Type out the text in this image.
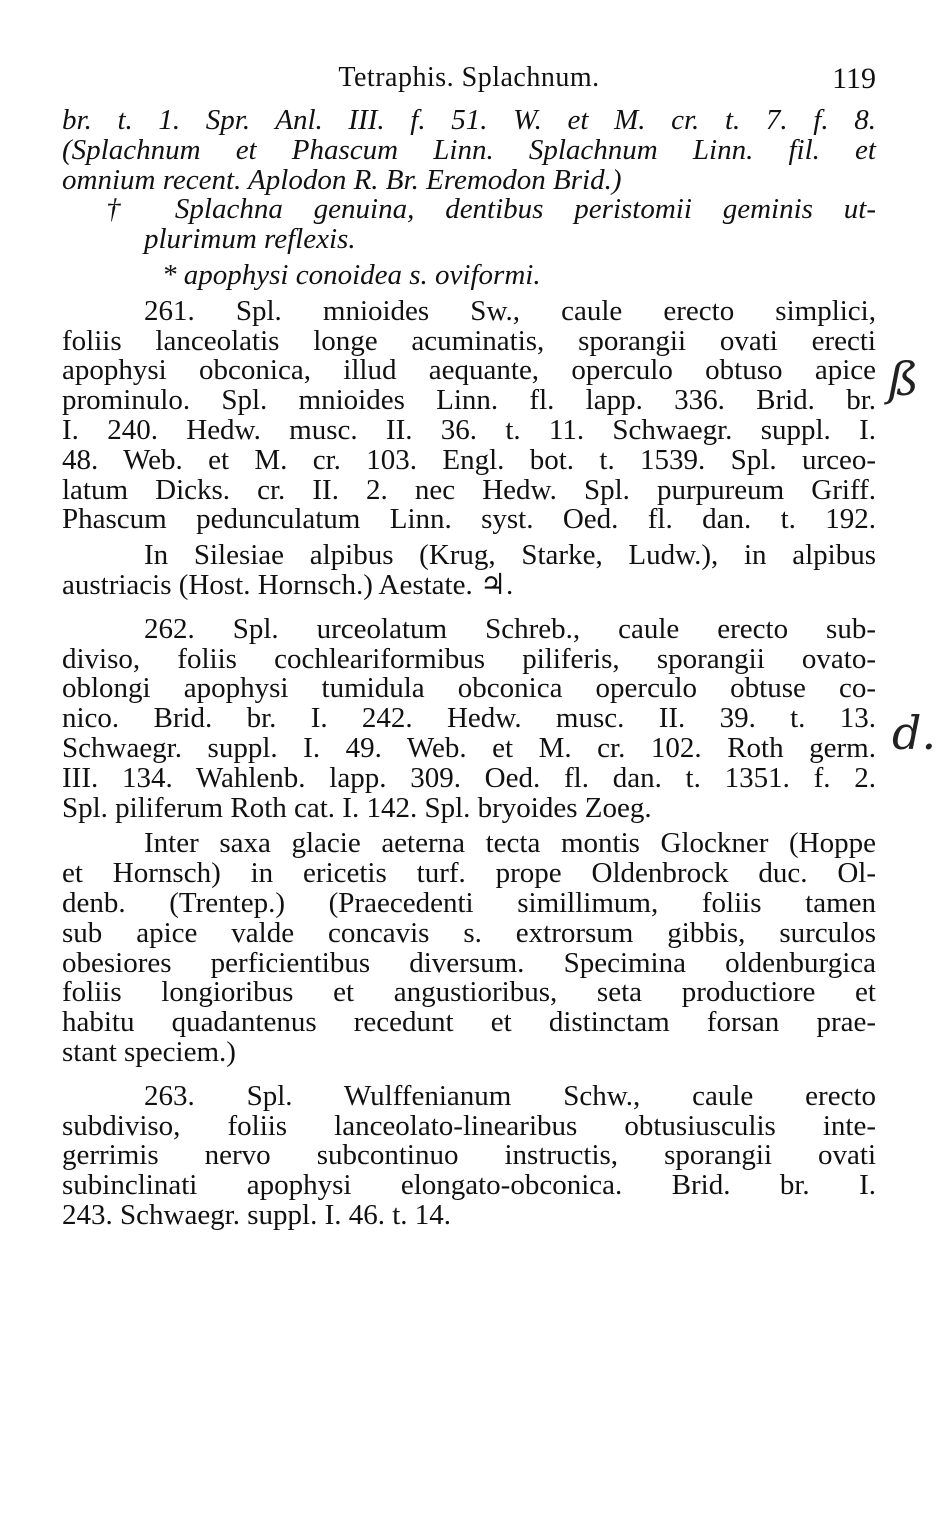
Tetraphis. Splachnum.	119
br. t. 1. Spr. Anl. III. f. 51. W. et M. cr. t. 7. f. 8.
(Splachnum et Phascum Linn. Splachnum Linn. fil. et
omnium recent. Aplodon R. Br. Eremodon Brid.)
† Splachna genuina, dentibus peristomii geminis ut-
plurimum reflexis.
* apophysi conoidea s. oviformi.
261. Spl. mnioides Sw., caule erecto simplici,
foliis lanceolatis longe acuminatis, sporangii ovati erecti
apophysi obconica, illud aequante, operculo obtuso apice
prominulo. Spl. mnioides Linn. fl. lapp. 336. Brid. br.
I. 240. Hedw. musc. II. 36. t. 11. Schwaegr. suppl. I.
48. Web. et M. cr. 103. Engl. bot. t. 1539. Spl. urceo-
latum Dicks. cr. II. 2. nec Hedw. Spl. purpureum Griff.
Phascum pedunculatum Linn. syst. Oed. fl. dan. t. 192.
In Silesiae alpibus (Krug, Starke, Ludw.), in alpibus
austriacis (Host. Hornsch.) Aestate. ♃.
262. Spl. urceolatum Schreb., caule erecto sub-
diviso, foliis cochleariformibus piliferis, sporangii ovato-
oblongi apophysi tumidula obconica operculo obtuse co-
nico. Brid. br. I. 242. Hedw. musc. II. 39. t. 13.
Schwaegr. suppl. I. 49. Web. et M. cr. 102. Roth germ.
III. 134. Wahlenb. lapp. 309. Oed. fl. dan. t. 1351. f. 2.
Spl. piliferum Roth cat. I. 142. Spl. bryoides Zoeg.
Inter saxa glacie aeterna tecta montis Glockner (Hoppe
et Hornsch) in ericetis turf. prope Oldenbrock duc. Ol-
denb. (Trentep.) (Praecedenti simillimum, foliis tamen
sub apice valde concavis s. extrorsum gibbis, surculos
obesiores perficientibus diversum. Specimina oldenburgica
foliis longioribus et angustioribus, seta productiore et
habitu quadantenus recedunt et distinctam forsan prae-
stant speciem.)
263. Spl. Wulffenianum Schw., caule erecto
subdiviso, foliis lanceolato-linearibus obtusiusculis inte-
gerrimis nervo subcontinuo instructis, sporangii ovati
subinclinati apophysi elongato-obconica. Brid. br. I.
243. Schwaegr. suppl. I. 46. t. 14.
ß
d.
